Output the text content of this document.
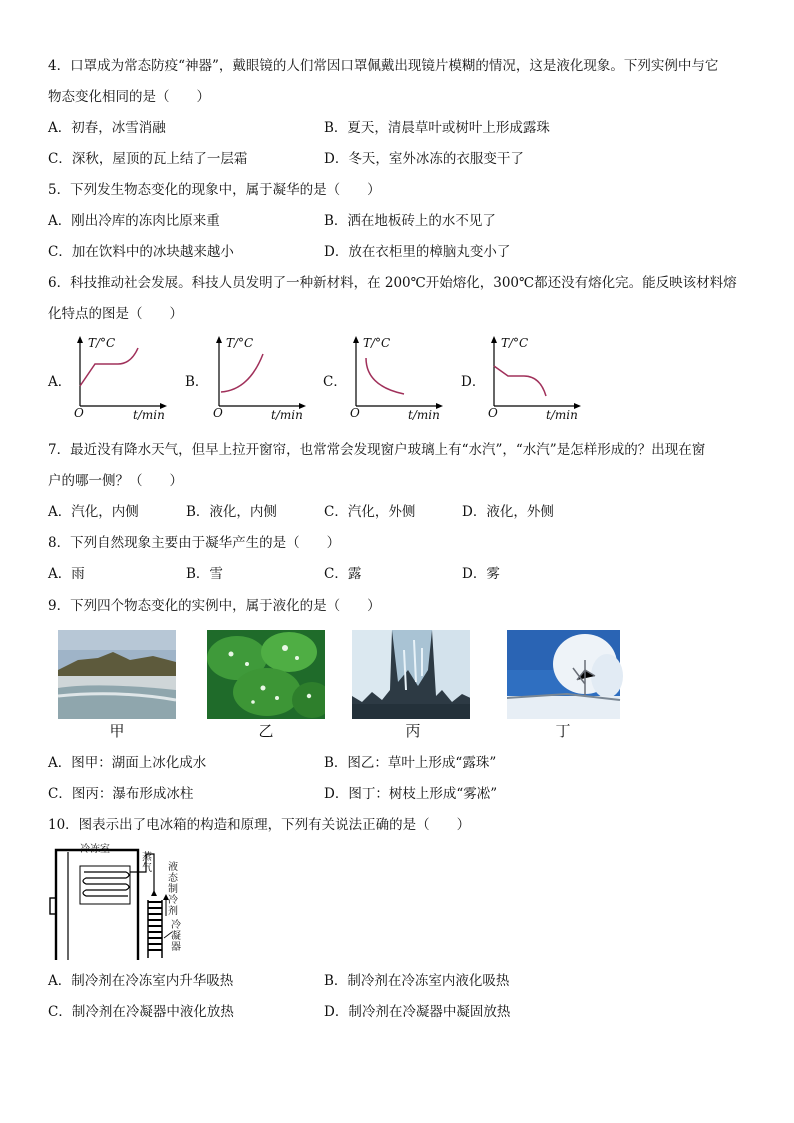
4．口罩成为常态防疫“神器”，戴眼镜的人们常因口罩佩戴出现镜片模糊的情况，这是液化现象。下列实例中与它
物态变化相同的是（　　）
A．初春，冰雪消融	B．夏天，清晨草叶或树叶上形成露珠
C．深秋，屋顶的瓦上结了一层霜	D．冬天，室外冰冻的衣服变干了
5．下列发生物态变化的现象中，属于凝华的是（　　）
A．刚出冷库的冻肉比原来重	B．洒在地板砖上的水不见了
C．加在饮料中的冰块越来越小	D．放在衣柜里的樟脑丸变小了
6．科技推动社会发展。科技人员发明了一种新材料，在 200℃开始熔化，300℃都还没有熔化完。能反映该材料熔
化特点的图是（　　）
A．
T/°C
O	t/min
B．
T/°C
O	t/min
C．
T/°C
O	t/min
D．
T/°C
O	t/min
7．最近没有降水天气，但早上拉开窗帘，也常常会发现窗户玻璃上有“水汽”，“水汽”是怎样形成的？出现在窗
户的哪一侧？（　　）
A．汽化，内侧	B．液化，内侧	C．汽化，外侧	D．液化，外侧
8．下列自然现象主要由于凝华产生的是（　　）
A．雨	B．雪	C．露	D．雾
9．下列四个物态变化的实例中，属于液化的是（　　）
甲	乙	丙	丁
A．图甲：湖面上冰化成水	B．图乙：草叶上形成“露珠”
C．图丙：瀑布形成冰柱	D．图丁：树枝上形成“雾凇”
10．图表示出了电冰箱的构造和原理，下列有关说法正确的是（　　）
冷冻室
蒸气 液态制冷剂
冷凝器
A．制冷剂在冷冻室内升华吸热	B．制冷剂在冷冻室内液化吸热
C．制冷剂在冷凝器中液化放热	D．制冷剂在冷凝器中凝固放热
